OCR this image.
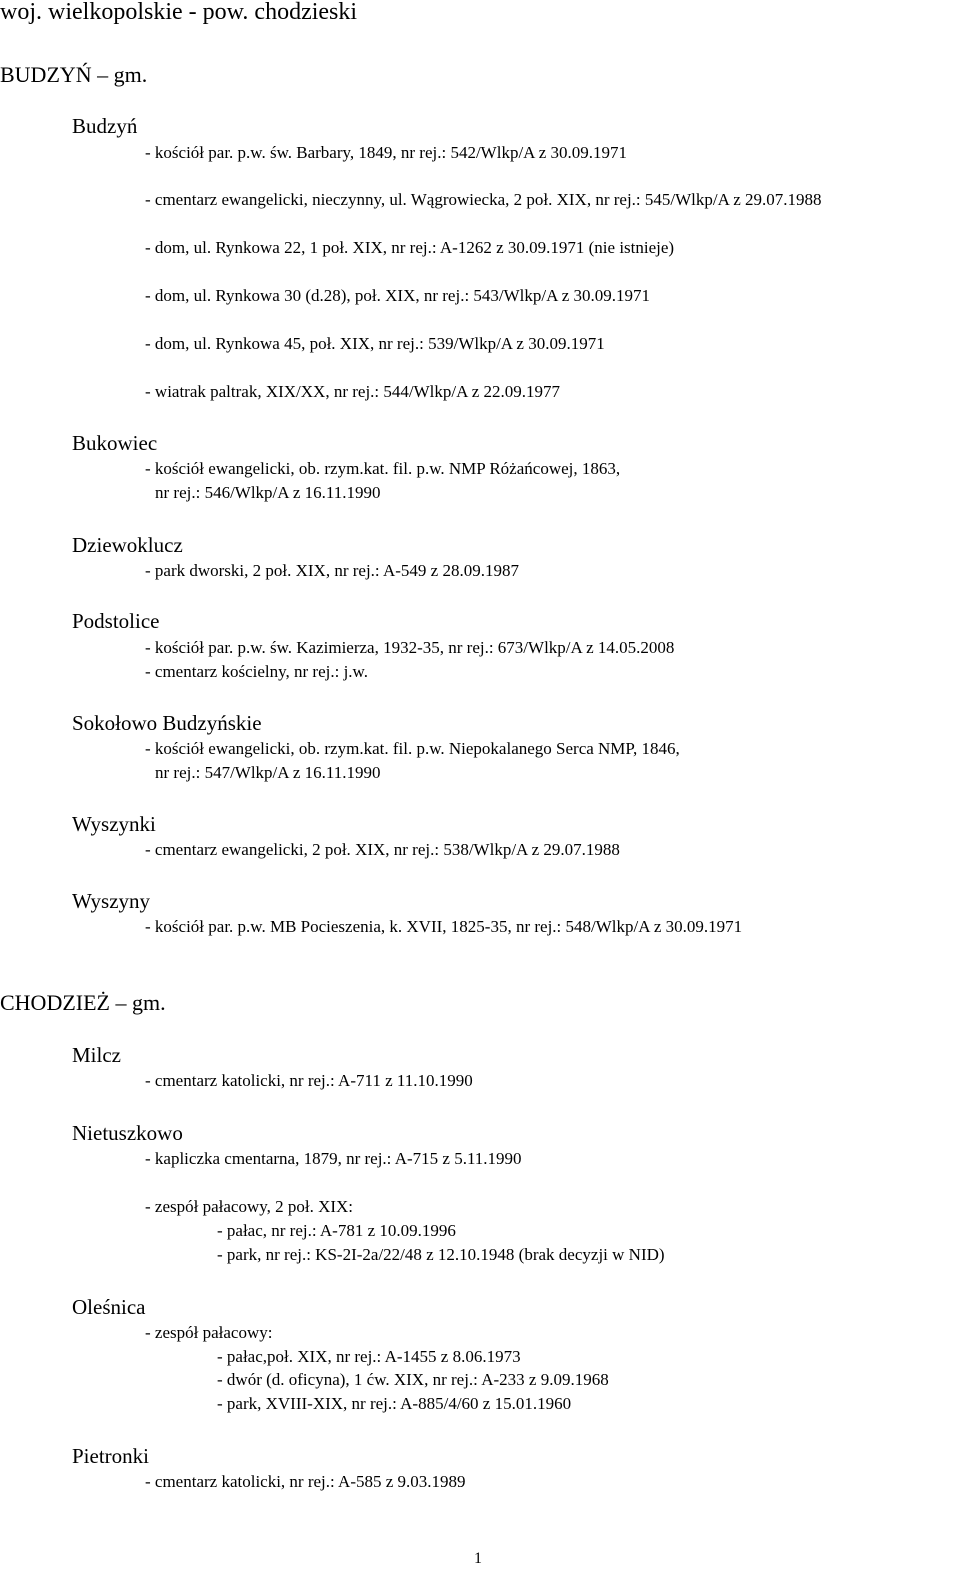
woj. wielkopolskie - pow. chodzieski
BUDZYŃ – gm.
Budzyń
- kościół par. p.w. św. Barbary, 1849, nr rej.: 542/Wlkp/A z 30.09.1971
- cmentarz ewangelicki, nieczynny, ul. Wągrowiecka, 2 poł. XIX, nr rej.: 545/Wlkp/A z 29.07.1988
- dom, ul. Rynkowa 22, 1 poł. XIX, nr rej.: A-1262 z 30.09.1971 (nie istnieje)
- dom, ul. Rynkowa 30 (d.28), poł. XIX, nr rej.: 543/Wlkp/A z 30.09.1971
- dom, ul. Rynkowa 45, poł. XIX, nr rej.: 539/Wlkp/A z 30.09.1971
- wiatrak paltrak, XIX/XX, nr rej.: 544/Wlkp/A z 22.09.1977
Bukowiec
- kościół ewangelicki, ob. rzym.kat. fil. p.w. NMP Różańcowej, 1863,
nr rej.: 546/Wlkp/A z 16.11.1990
Dziewoklucz
- park dworski, 2 poł. XIX, nr rej.: A-549 z 28.09.1987
Podstolice
- kościół par. p.w. św. Kazimierza, 1932-35, nr rej.: 673/Wlkp/A z 14.05.2008
- cmentarz kościelny, nr rej.: j.w.
Sokołowo Budzyńskie
- kościół ewangelicki, ob. rzym.kat. fil. p.w. Niepokalanego Serca NMP, 1846,
nr rej.: 547/Wlkp/A z 16.11.1990
Wyszynki
- cmentarz ewangelicki, 2 poł. XIX, nr rej.: 538/Wlkp/A z 29.07.1988
Wyszyny
- kościół par. p.w. MB Pocieszenia, k. XVII, 1825-35, nr rej.: 548/Wlkp/A z 30.09.1971
CHODZIEŻ – gm.
Milcz
- cmentarz katolicki, nr rej.: A-711 z 11.10.1990
Nietuszkowo
- kapliczka cmentarna, 1879, nr rej.: A-715 z 5.11.1990
- zespół pałacowy, 2 poł. XIX:
- pałac, nr rej.: A-781 z 10.09.1996
- park, nr rej.: KS-2I-2a/22/48 z 12.10.1948 (brak decyzji w NID)
Oleśnica
- zespół pałacowy:
- pałac,poł. XIX, nr rej.: A-1455 z 8.06.1973
- dwór (d. oficyna), 1 ćw. XIX, nr rej.: A-233 z 9.09.1968
- park, XVIII-XIX, nr rej.: A-885/4/60 z 15.01.1960
Pietronki
- cmentarz katolicki, nr rej.: A-585 z 9.03.1989
1
